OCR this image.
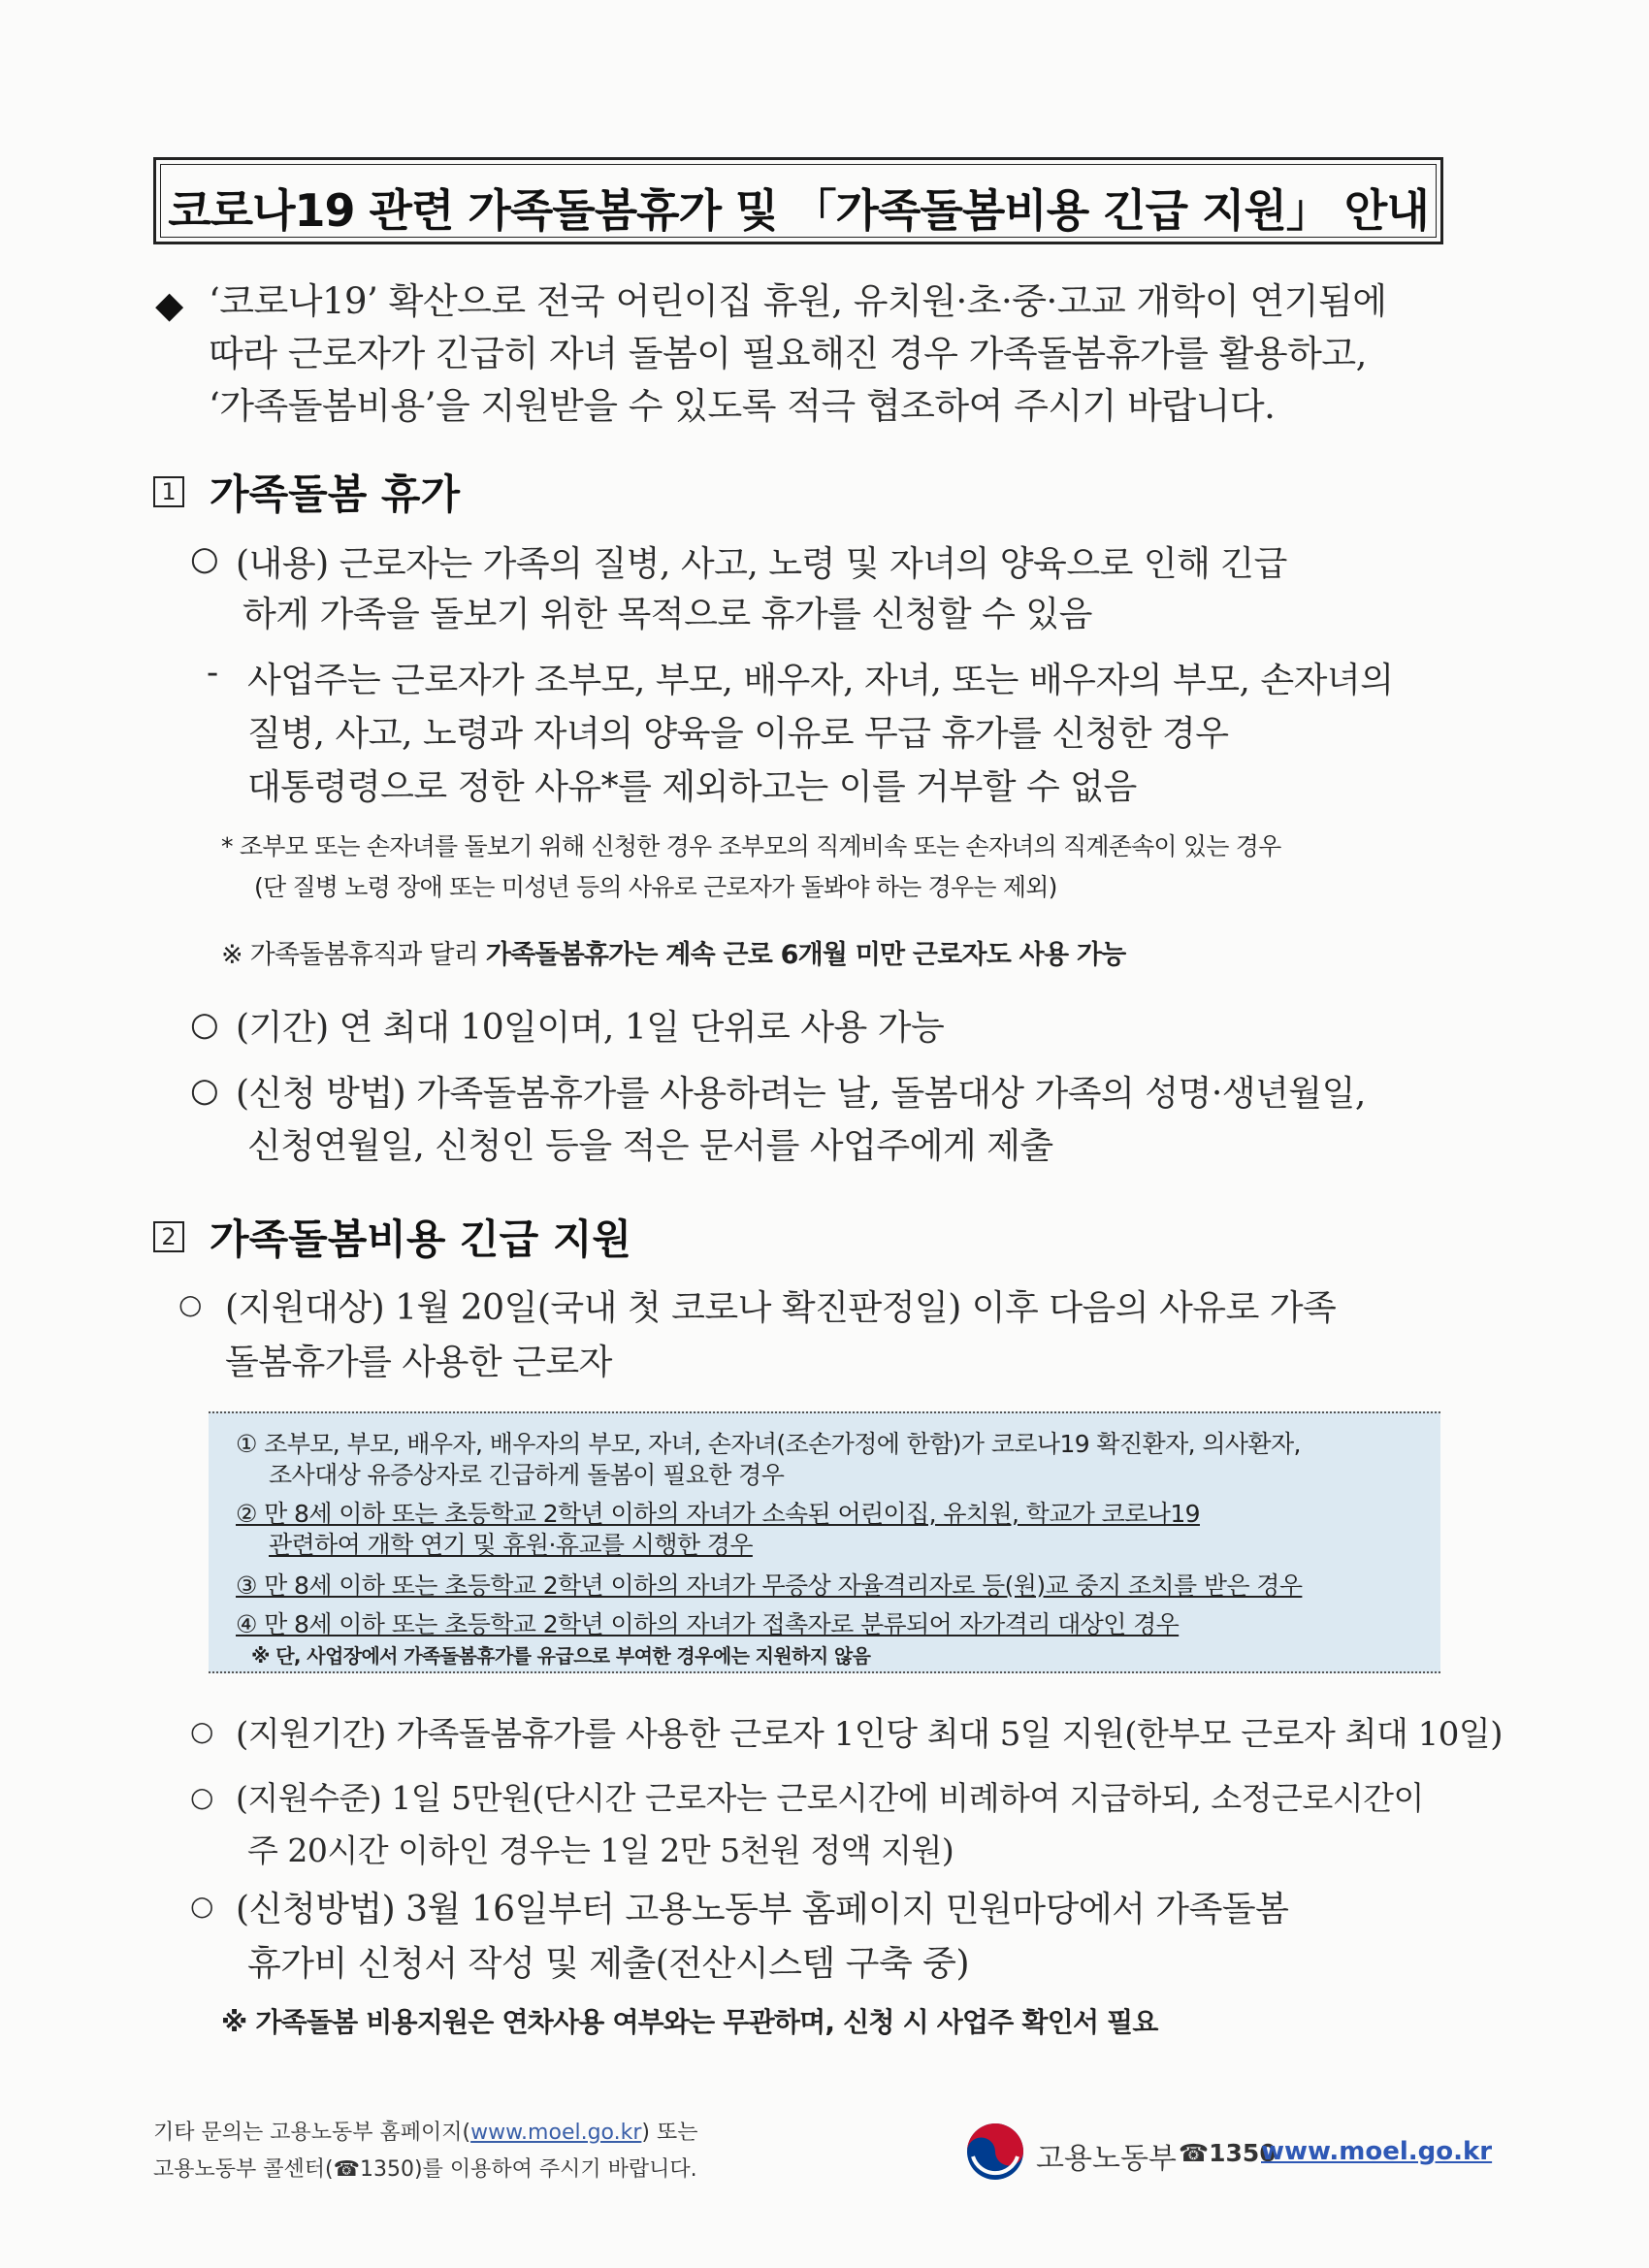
코로나19 관련 가족돌봄휴가 및 「가족돌봄비용 긴급 지원」 안내
◆ ‘코로나19’ 확산으로 전국 어린이집 휴원, 유치원·초·중·고교 개학이 연기됨에

따라 근로자가 긴급히 자녀 돌봄이 필요해진 경우 가족돌봄휴가를 활용하고,

‘가족돌봄비용’을 지원받을 수 있도록 적극 협조하여 주시기 바랍니다.

1 가족돌봄 휴가
○ (내용) 근로자는 가족의 질병, 사고, 노령 및 자녀의 양육으로 인해 긴급
하게 가족을 돌보기 위한 목적으로 휴가를 신청할 수 있음
- 사업주는 근로자가 조부모, 부모, 배우자, 자녀, 또는 배우자의 부모, 손자녀의
질병, 사고, 노령과 자녀의 양육을 이유로 무급 휴가를 신청한 경우
대통령령으로 정한 사유*를 제외하고는 이를 거부할 수 없음
* 조부모 또는 손자녀를 돌보기 위해 신청한 경우 조부모의 직계비속 또는 손자녀의 직계존속이 있는 경우
(단 질병 노령 장애 또는 미성년 등의 사유로 근로자가 돌봐야 하는 경우는 제외)
※ 가족돌봄휴직과 달리 가족돌봄휴가는 계속 근로 6개월 미만 근로자도 사용 가능
○ (기간) 연 최대 10일이며, 1일 단위로 사용 가능
○ (신청 방법) 가족돌봄휴가를 사용하려는 날, 돌봄대상 가족의 성명·생년월일,
신청연월일, 신청인 등을 적은 문서를 사업주에게 제출
2 가족돌봄비용 긴급 지원
○ (지원대상) 1월 20일(국내 첫 코로나 확진판정일) 이후 다음의 사유로 가족
돌봄휴가를 사용한 근로자
① 조부모, 부모, 배우자, 배우자의 부모, 자녀, 손자녀(조손가정에 한함)가 코로나19 확진환자, 의사환자,
조사대상 유증상자로 긴급하게 돌봄이 필요한 경우
② 만 8세 이하 또는 초등학교 2학년 이하의 자녀가 소속된 어린이집, 유치원, 학교가 코로나19
관련하여 개학 연기 및 휴원·휴교를 시행한 경우
③ 만 8세 이하 또는 초등학교 2학년 이하의 자녀가 무증상 자율격리자로 등(원)교 중지 조치를 받은 경우
④ 만 8세 이하 또는 초등학교 2학년 이하의 자녀가 접촉자로 분류되어 자가격리 대상인 경우
※ 단, 사업장에서 가족돌봄휴가를 유급으로 부여한 경우에는 지원하지 않음
○ (지원기간) 가족돌봄휴가를 사용한 근로자 1인당 최대 5일 지원(한부모 근로자 최대 10일)
○ (지원수준) 1일 5만원(단시간 근로자는 근로시간에 비례하여 지급하되, 소정근로시간이
주 20시간 이하인 경우는 1일 2만 5천원 정액 지원)
○ (신청방법) 3월 16일부터 고용노동부 홈페이지 민원마당에서 가족돌봄
휴가비 신청서 작성 및 제출(전산시스템 구축 중)
※ 가족돌봄 비용지원은 연차사용 여부와는 무관하며, 신청 시 사업주 확인서 필요

기타 문의는 고용노동부 홈페이지(www.moel.go.kr) 또는

고용노동부 콜센터(☎1350)를 이용하여 주시기 바랍니다.	고용노동부 ☎1350
www.moel.go.kr
